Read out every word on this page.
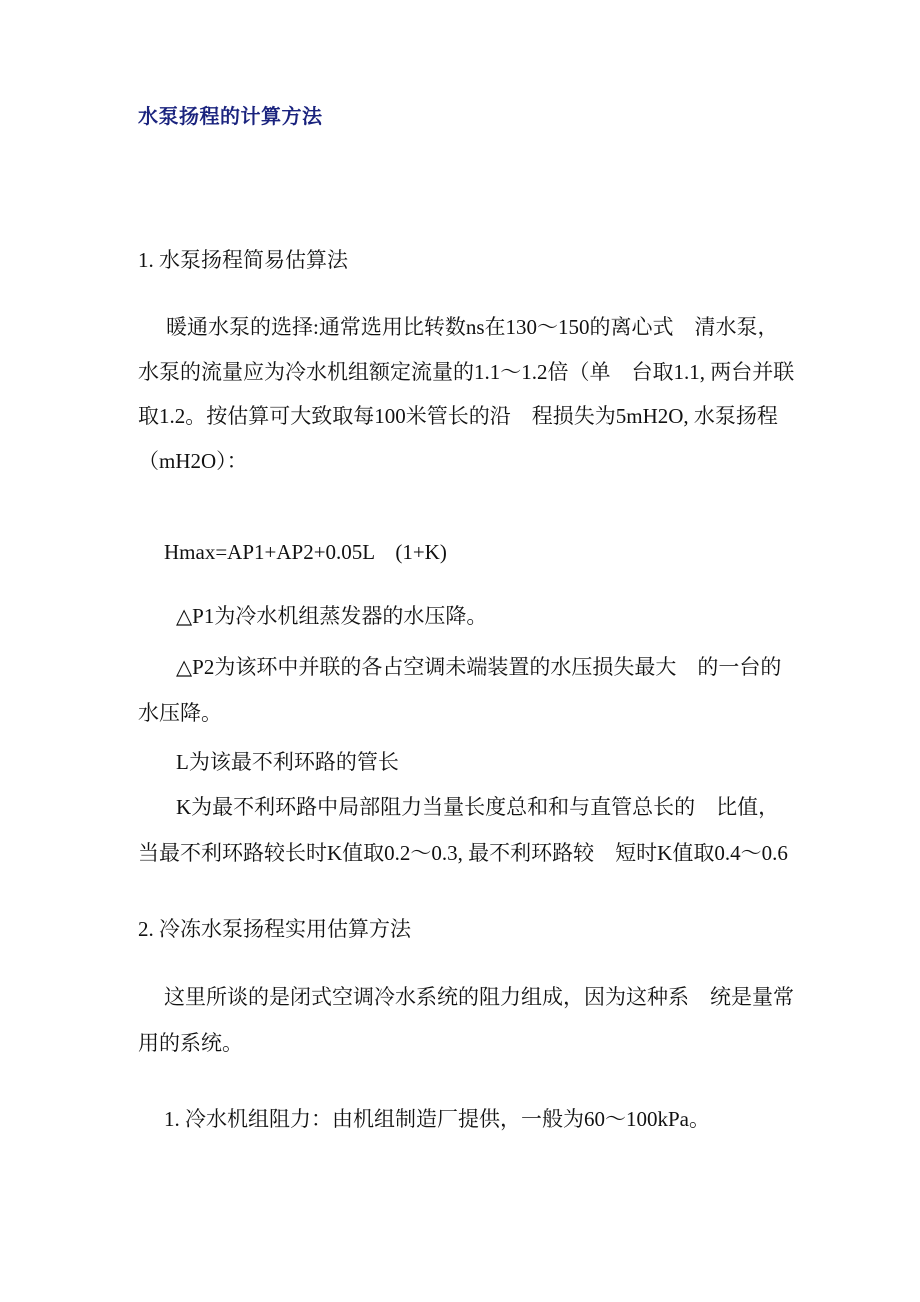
水泵扬程的计算方法
1. 水泵扬程简易估算法
暖通水泵的选择:通常选用比转数ns在130〜150的离心式　清水泵，水泵的流量应为冷水机组额定流量的1.1〜1.2倍（单　台取1.1, 两台并联取1.2。按估算可大致取每100米管长的沿　程损失为5mH2O, 水泵扬程（mH2O）：
Hmax=AP1+AP2+0.05L　(1+K)
△P1为冷水机组蒸发器的水压降。
△P2为该环中并联的各占空调未端装置的水压损失最大　的一台的水压降。
L为该最不利环路的管长
K为最不利环路中局部阻力当量长度总和和与直管总长的　比值，当最不利环路较长时K值取0.2〜0.3, 最不利环路较　短时K值取0.4〜0.6
2. 冷冻水泵扬程实用估算方法
这里所谈的是闭式空调冷水系统的阻力组成，因为这种系　统是量常用的系统。
1. 冷水机组阻力：由机组制造厂提供，一般为60〜100kPa。
